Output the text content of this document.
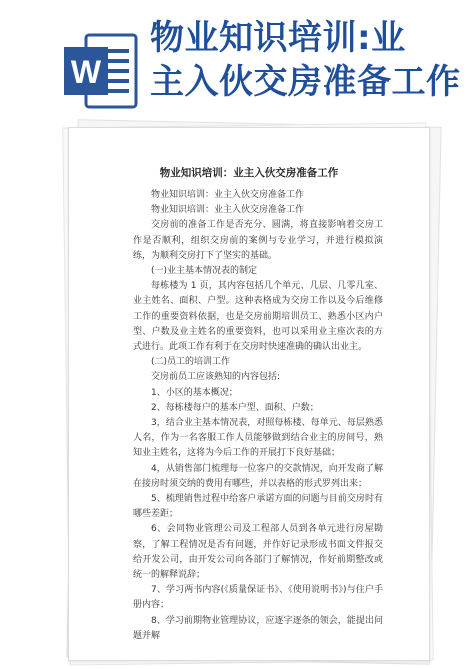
W
物业知识培训:业
主入伙交房准备工作
物业知识培训：业主入伙交房准备工作

物业知识培训：业主入伙交房准备工作

物业知识培训：业主入伙交房准备工作

交房前的准备工作是否充分、圆满，将直接影响着交房工作是否顺利，组织交房前的案例与专业学习，并进行模拟演练，为顺利交房打下了坚实的基础。

(一)业主基本情况表的制定

每栋楼为 1 页，其内容包括几个单元、几层、几零几室、业主姓名、面积、户型。这种表格成为交房工作以及今后维修工作的重要资料依据，也是交房前期培训员工、熟悉小区内户型、户数及业主姓名的重要资料，也可以采用业主座次表的方式进行。此项工作有利于在交房时快速准确的确认出业主。

(二)员工的培训工作

交房前员工应该熟知的内容包括:

1、小区的基本概况；

2、每栋楼每户的基本户型、面积、户数；

3，结合业主基本情况表，对照每栋楼、每单元、每层熟悉人名，作为一名客服工作人员能够做到结合业主的房间号，熟知业主姓名，这将为今后工作的开展打下良好基础；

4，从销售部门梳理每一位客户的交款情况，向开发商了解在接房时须交纳的费用有哪些，并以表格的形式罗列出来；

5、梳理销售过程中给客户承诺方面的问题与目前交房时有哪些差距；

6、会同物业管理公司及工程部人员到各单元进行房屋勘察，了解工程情况是否有问题，并作好记录形成书面文件报交给开发公司，由开发公司向各部门了解情况，作好前期整改或统一的解释说辞；

7、学习两书内容(《质量保证书》、《使用说明书》)与住户手册内容；

8、学习前期物业管理协议，应逐字逐条的领会，能提出问题并解
